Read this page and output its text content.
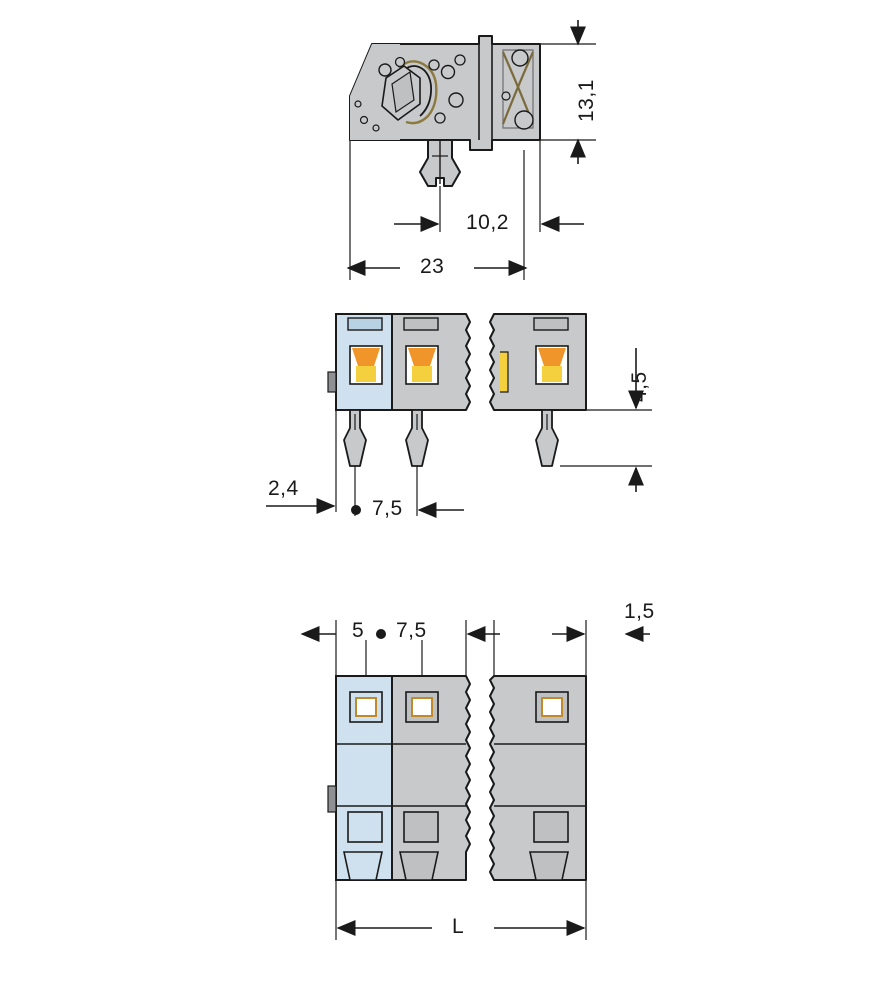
13,1
10,2
23
4,5
2,4
7,5
5 7,5
1,5
L
